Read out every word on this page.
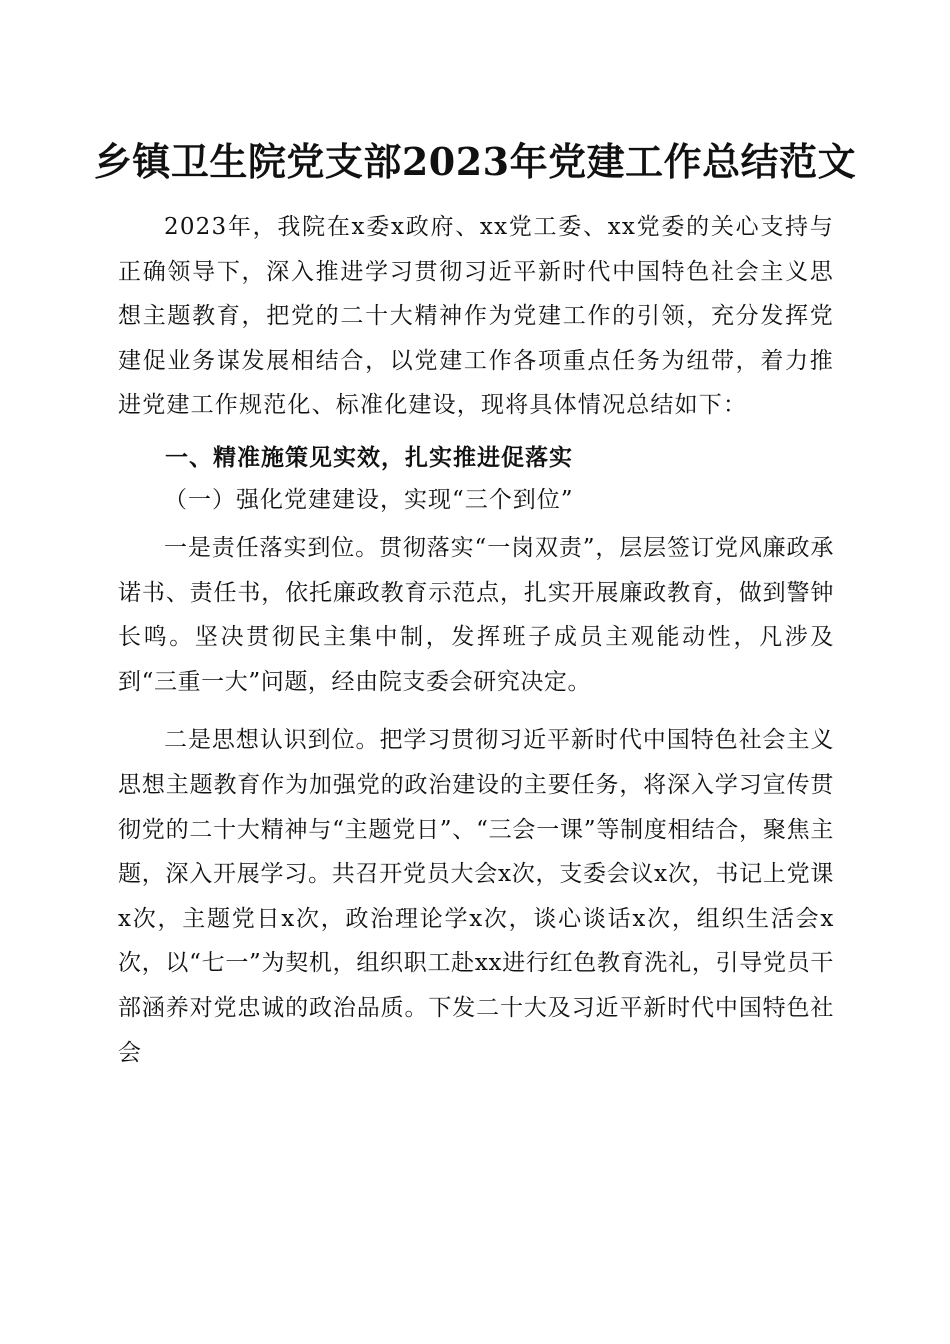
乡镇卫生院党支部2023年党建工作总结范文

2023年，我院在x委x政府、xx党工委、xx党委的关心支持与正确领导下，深入推进学习贯彻习近平新时代中国特色社会主义思想主题教育，把党的二十大精神作为党建工作的引领，充分发挥党建促业务谋发展相结合，以党建工作各项重点任务为纽带，着力推进党建工作规范化、标准化建设，现将具体情况总结如下：

一、精准施策见实效，扎实推进促落实
（一）强化党建建设，实现“三个到位”

一是责任落实到位。贯彻落实“一岗双责”，层层签订党风廉政承诺书、责任书，依托廉政教育示范点，扎实开展廉政教育，做到警钟长鸣。坚决贯彻民主集中制，发挥班子成员主观能动性，凡涉及到“三重一大”问题，经由院支委会研究决定。

二是思想认识到位。把学习贯彻习近平新时代中国特色社会主义思想主题教育作为加强党的政治建设的主要任务，将深入学习宣传贯彻党的二十大精神与“主题党日”、“三会一课”等制度相结合，聚焦主题，深入开展学习。共召开党员大会x次，支委会议x次，书记上党课x次，主题党日x次，政治理论学x次，谈心谈话x次，组织生活会x次，以“七一”为契机，组织职工赴xx进行红色教育洗礼，引导党员干部涵养对党忠诚的政治品质。下发二十大及习近平新时代中国特色社会
